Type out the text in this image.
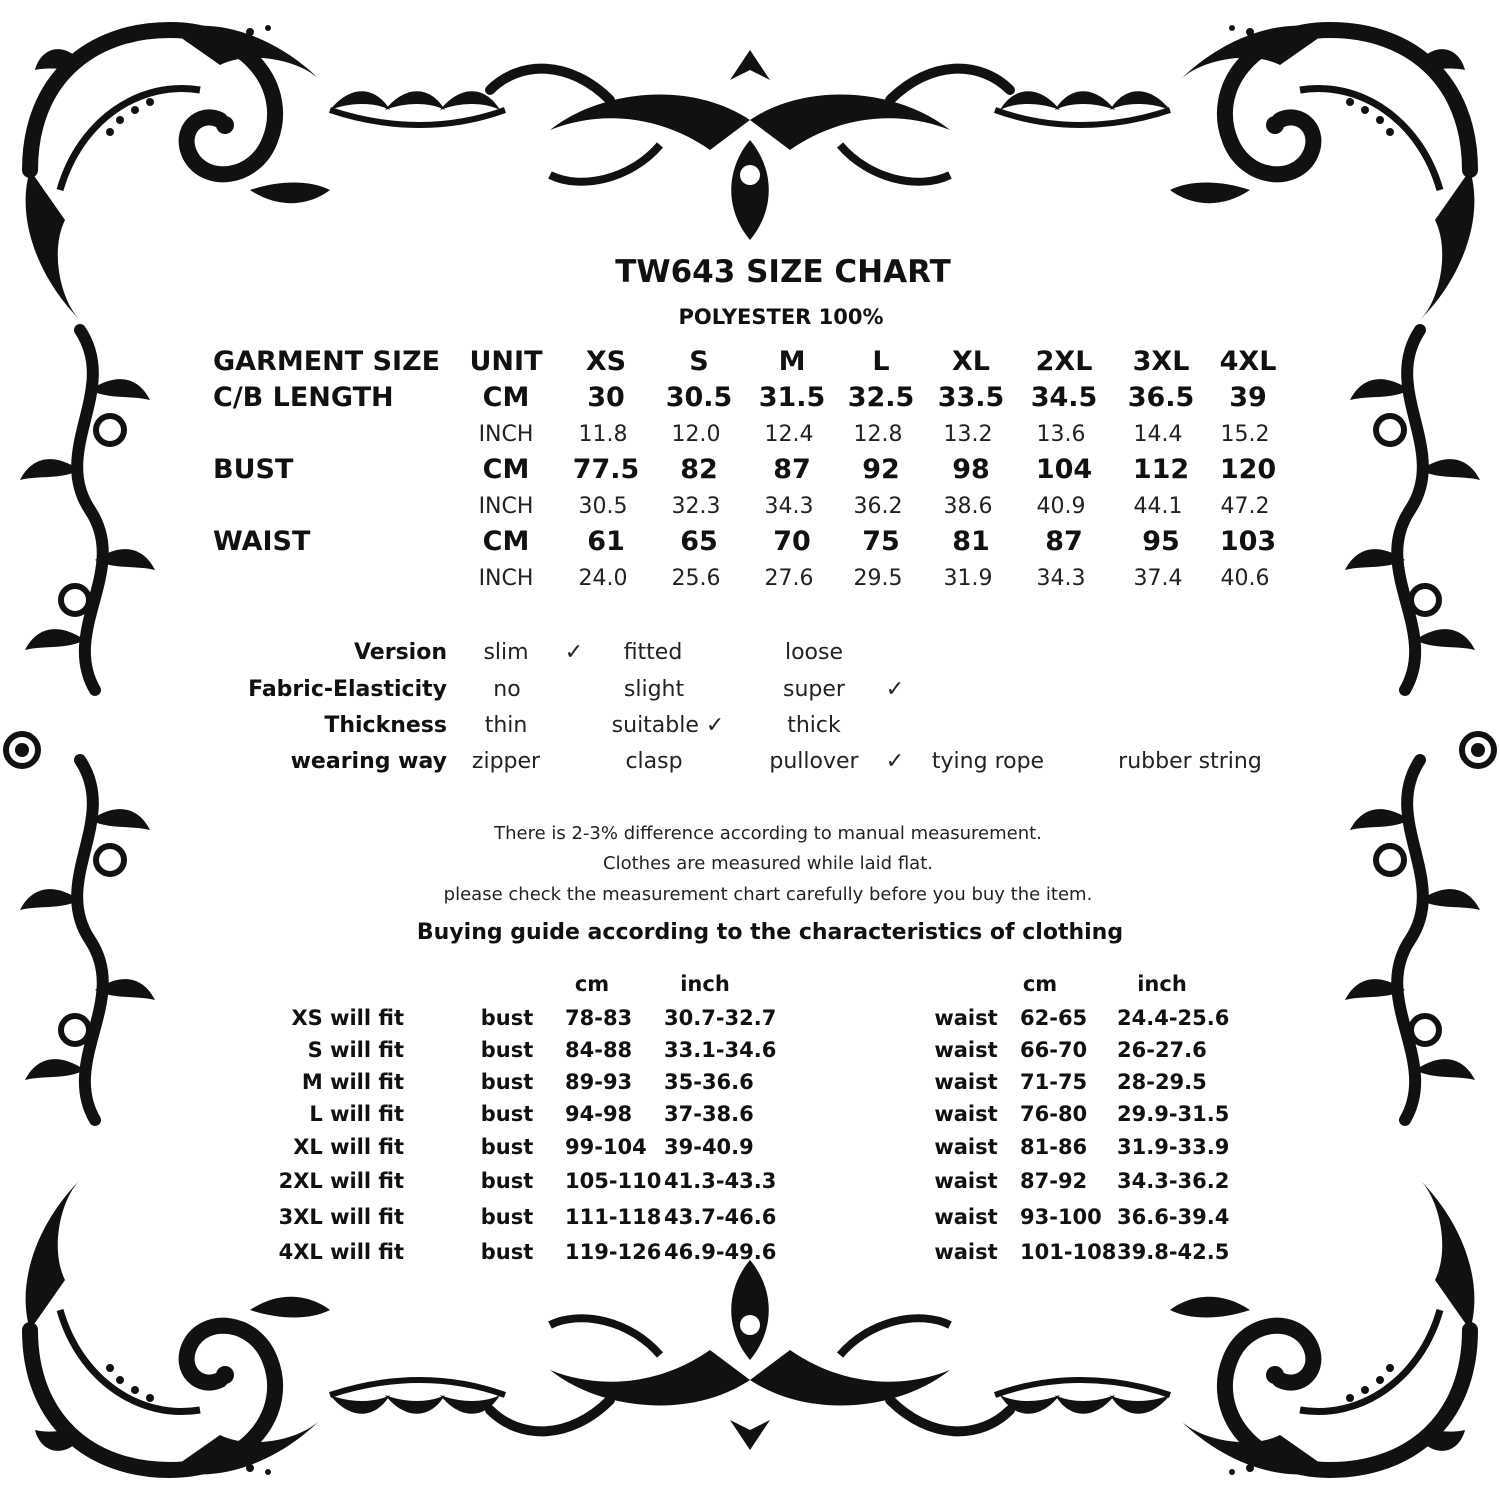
TW643 SIZE CHART
POLYESTER 100%
GARMENT SIZE UNIT XS S	M L XL 2XL 3XL 4XL
C/B LENGTH	CM 30 30.5 31.5 32.5 33.5 34.5 36.5 39
INCH 11.8 12.0 12.4 12.8 13.2 13.6 14.4 15.2
BUST	CM 77.5 82 87 92 98 104 112 120
INCH 30.5 32.3 34.3 36.2 38.6 40.9 44.1 47.2
WAIST	CM 61 65 70 75 81 87 95 103
INCH 24.0 25.6 27.6 29.5 31.9 34.3 37.4 40.6
Version slim ✓ fitted	loose
Fabric-Elasticity no	slight	super ✓
Thickness thin	suitable ✓	thick
wearing way zipper	clasp	pullover ✓ tying rope	rubber string
There is 2-3% difference according to manual measurement.
Clothes are measured while laid flat.
please check the measurement chart carefully before you buy the item.
Buying guide according to the characteristics of clothing
cm	inch	cm	inch
XS will fit	bust 78-83 30.7-32.7	waist 62-65 24.4-25.6
S will fit	bust 84-88 33.1-34.6	waist 66-70 26-27.6
M will fit	bust 89-93 35-36.6	waist 71-75 28-29.5
L will fit	bust 94-98 37-38.6	waist 76-80 29.9-31.5
XL will fit	bust 99-104 39-40.9	waist 81-86 31.9-33.9
2XL will fit	bust 105-110 41.3-43.3	waist 87-92 34.3-36.2
3XL will fit	bust 111-118 43.7-46.6	waist 93-100 36.6-39.4
4XL will fit	bust 119-126 46.9-49.6	waist 101-108 39.8-42.5
